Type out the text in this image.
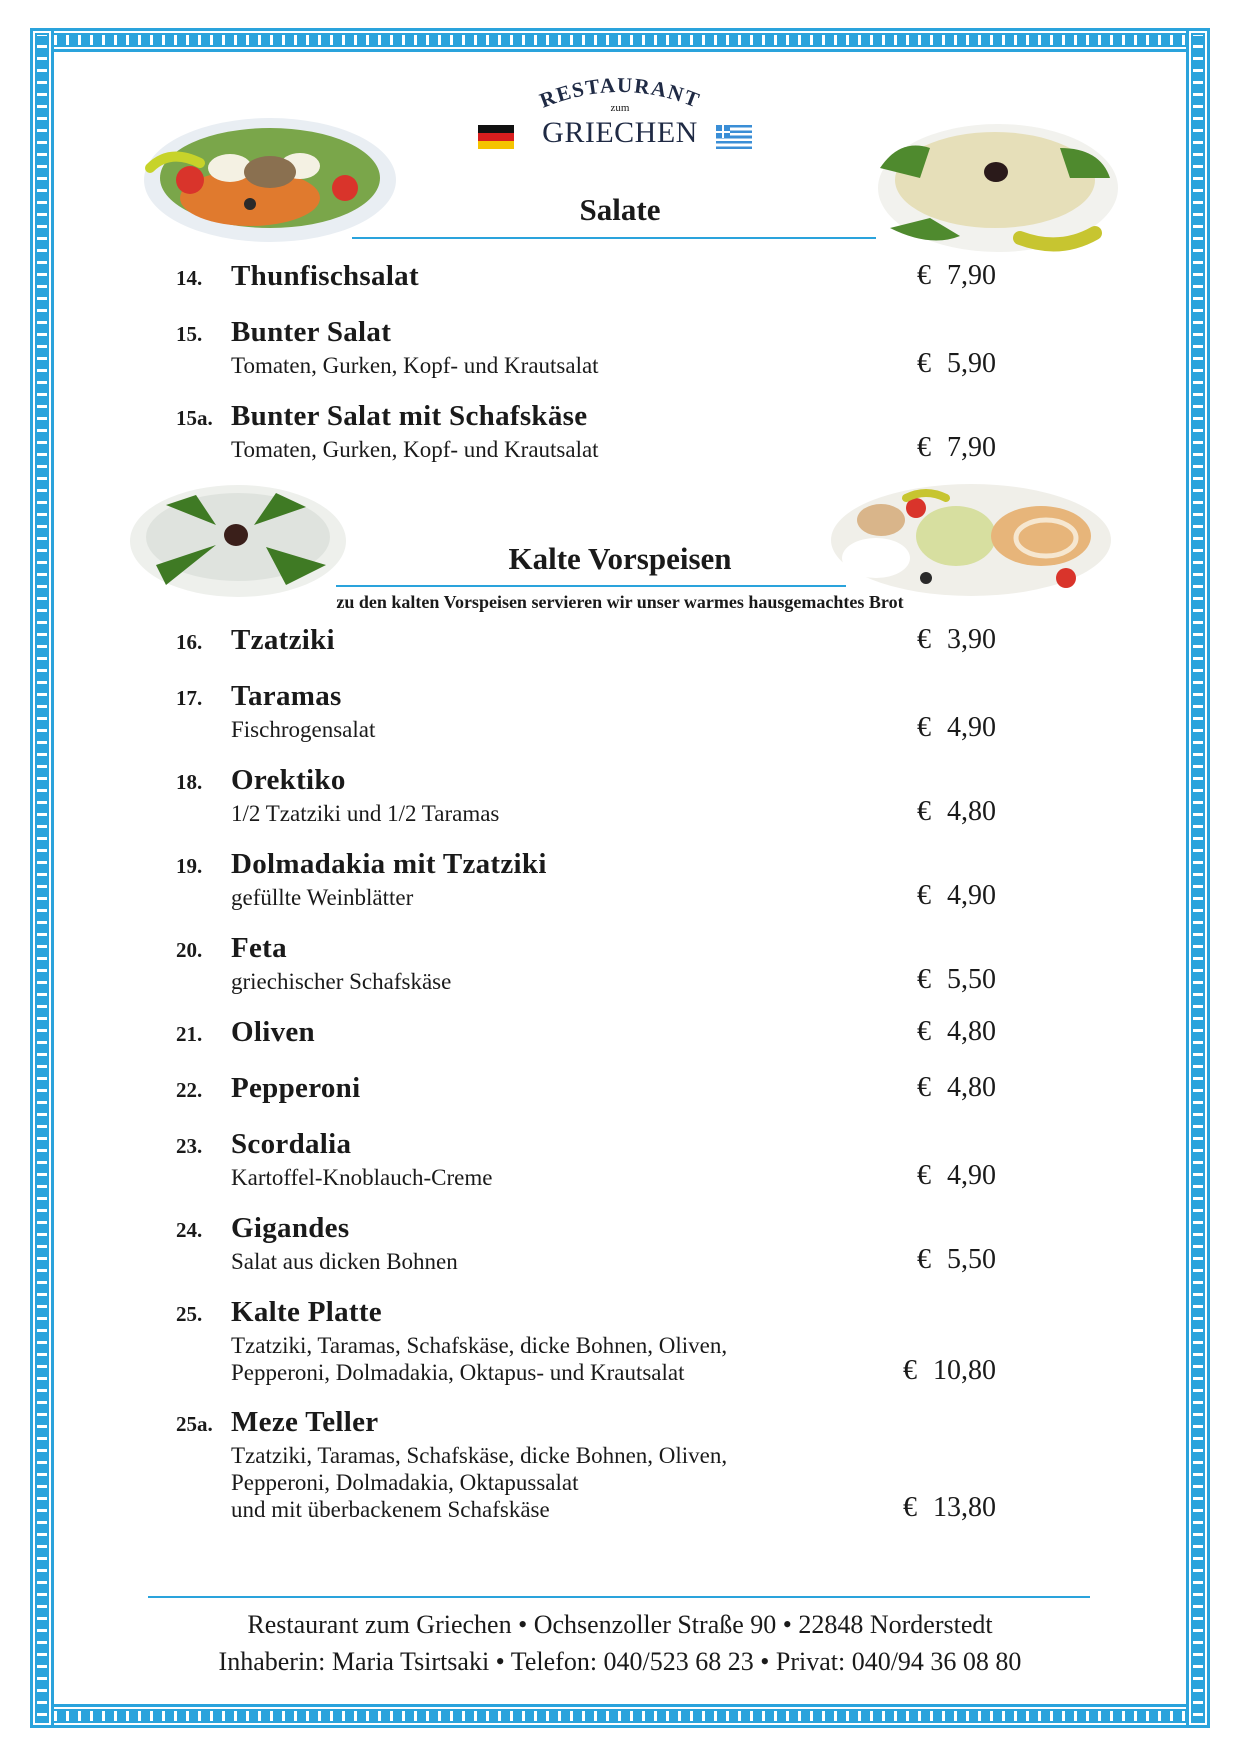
RESTAURANT
zum
GRIECHEN
Salate
14. Thunfischsalat	€ 7,90
15. Bunter Salat
Tomaten, Gurken, Kopf- und Krautsalat	€ 5,90
15a. Bunter Salat mit Schafskäse
Tomaten, Gurken, Kopf- und Krautsalat	€ 7,90
Kalte Vorspeisen
zu den kalten Vorspeisen servieren wir unser warmes hausgemachtes Brot
16. Tzatziki	€ 3,90
17. Taramas
Fischrogensalat	€ 4,90
18. Orektiko
1/2 Tzatziki und 1/2 Taramas	€ 4,80
19. Dolmadakia mit Tzatziki
gefüllte Weinblätter	€ 4,90
20. Feta
griechischer Schafskäse	€ 5,50
21. Oliven	€ 4,80
22. Pepperoni	€ 4,80
23. Scordalia
Kartoffel-Knoblauch-Creme	€ 4,90
24. Gigandes
Salat aus dicken Bohnen	€ 5,50
25. Kalte Platte
Tzatziki, Taramas, Schafskäse, dicke Bohnen, Oliven,
Pepperoni, Dolmadakia, Oktapus- und Krautsalat	€ 10,80
25a. Meze Teller
Tzatziki, Taramas, Schafskäse, dicke Bohnen, Oliven,
Pepperoni, Dolmadakia, Oktapussalat
und mit überbackenem Schafskäse	€ 13,80
Restaurant zum Griechen • Ochsenzoller Straße 90 • 22848 Norderstedt
Inhaberin: Maria Tsirtsaki • Telefon: 040/523 68 23 • Privat: 040/94 36 08 80
